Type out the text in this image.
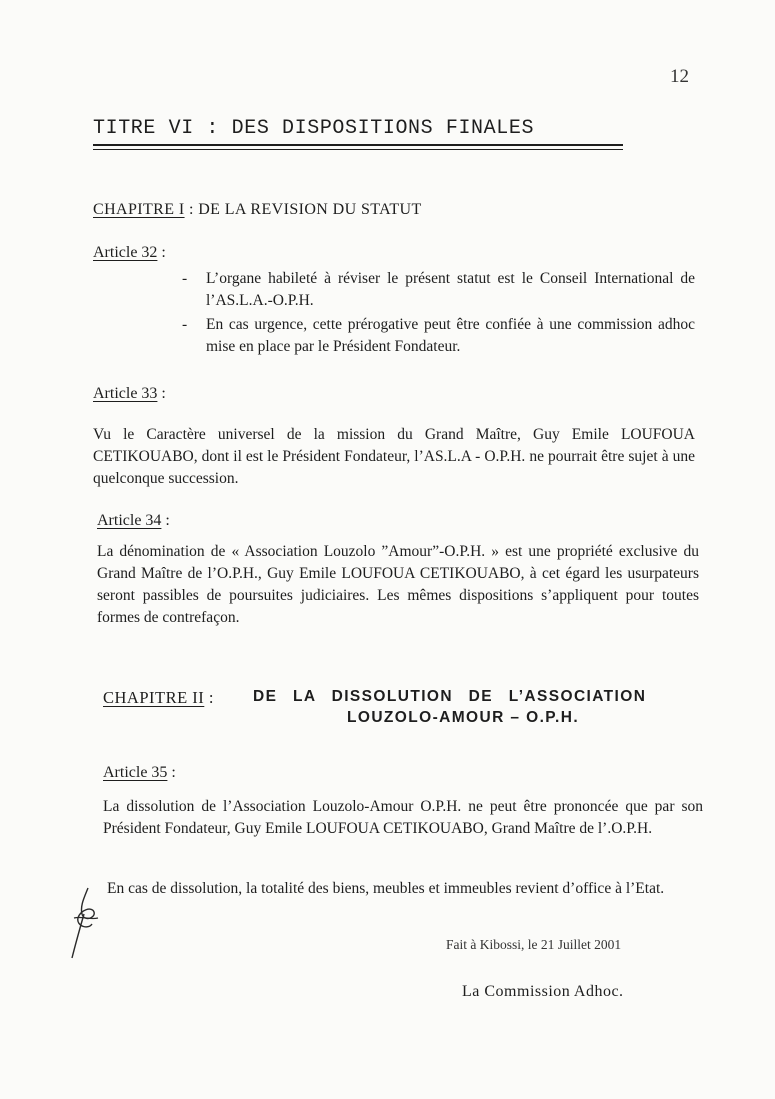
12
TITRE VI : DES DISPOSITIONS FINALES
CHAPITRE I : DE LA REVISION DU STATUT
Article 32 :
- L’organe habileté à réviser le présent statut est le Conseil International de l’AS.L.A.-O.P.H.
- En cas urgence, cette prérogative peut être confiée à une commission adhoc mise en place par le Président Fondateur.
Article 33 :
Vu le Caractère universel de la mission du Grand Maître, Guy Emile LOUFOUA CETIKOUABO, dont il est le Président Fondateur, l’AS.L.A - O.P.H. ne pourrait être sujet à une quelconque succession.
Article 34 :
La dénomination de « Association Louzolo ”Amour”-O.P.H. » est une propriété exclusive du Grand Maître de l’O.P.H., Guy Emile LOUFOUA CETIKOUABO, à cet égard les usurpateurs seront passibles de poursuites judiciaires. Les mêmes dispositions s’appliquent pour toutes formes de contrefaçon.
CHAPITRE II :	DE LA DISSOLUTION DE L’ASSOCIATION
LOUZOLO-AMOUR – O.P.H.
Article 35 :
La dissolution de l’Association Louzolo-Amour O.P.H. ne peut être prononcée que par son Président Fondateur, Guy Emile LOUFOUA CETIKOUABO, Grand Maître de l’.O.P.H.
En cas de dissolution, la totalité des biens, meubles et immeubles revient d’office à l’Etat.
Fait à Kibossi, le 21 Juillet 2001
La Commission Adhoc.
